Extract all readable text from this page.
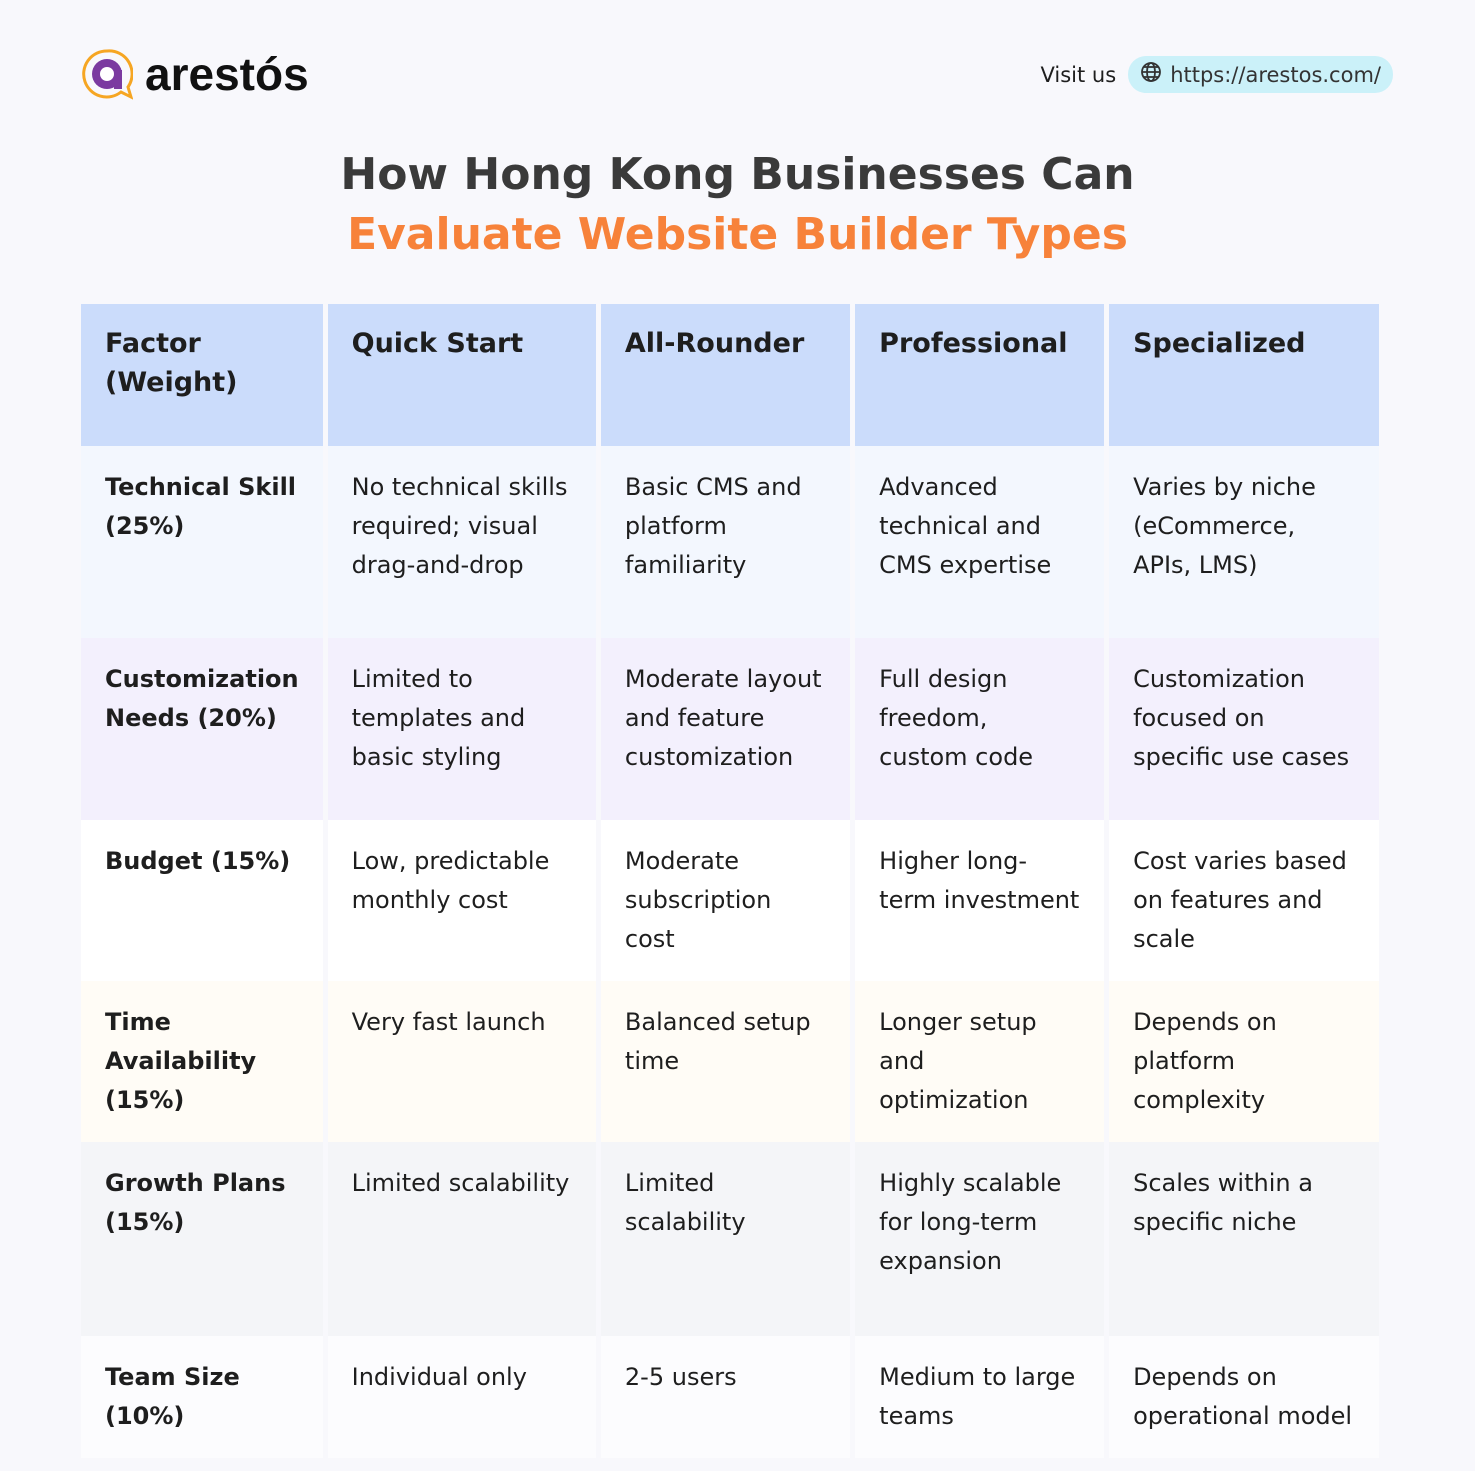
arestós	Visit us	https://arestos.com/
How Hong Kong Businesses Can
Evaluate Website Builder Types
Factor (Weight)	Quick Start	All-Rounder	Professional	Specialized
Technical Skill (25%)	No technical skills required; visual drag-and-drop	Basic CMS and platform familiarity	Advanced technical and CMS expertise	Varies by niche (eCommerce, APIs, LMS)
Customization Needs (20%)	Limited to templates and basic styling	Moderate layout and feature customization	Full design freedom, custom code	Customization focused on specific use cases
Budget (15%)	Low, predictable monthly cost	Moderate subscription cost	Higher long-term investment	Cost varies based on features and scale
Time Availability (15%)	Very fast launch	Balanced setup time	Longer setup and optimization	Depends on platform complexity
Growth Plans (15%)	Limited scalability	Limited scalability	Highly scalable for long-term expansion	Scales within a specific niche
Team Size (10%)	Individual only	2-5 users	Medium to large teams	Depends on operational model
